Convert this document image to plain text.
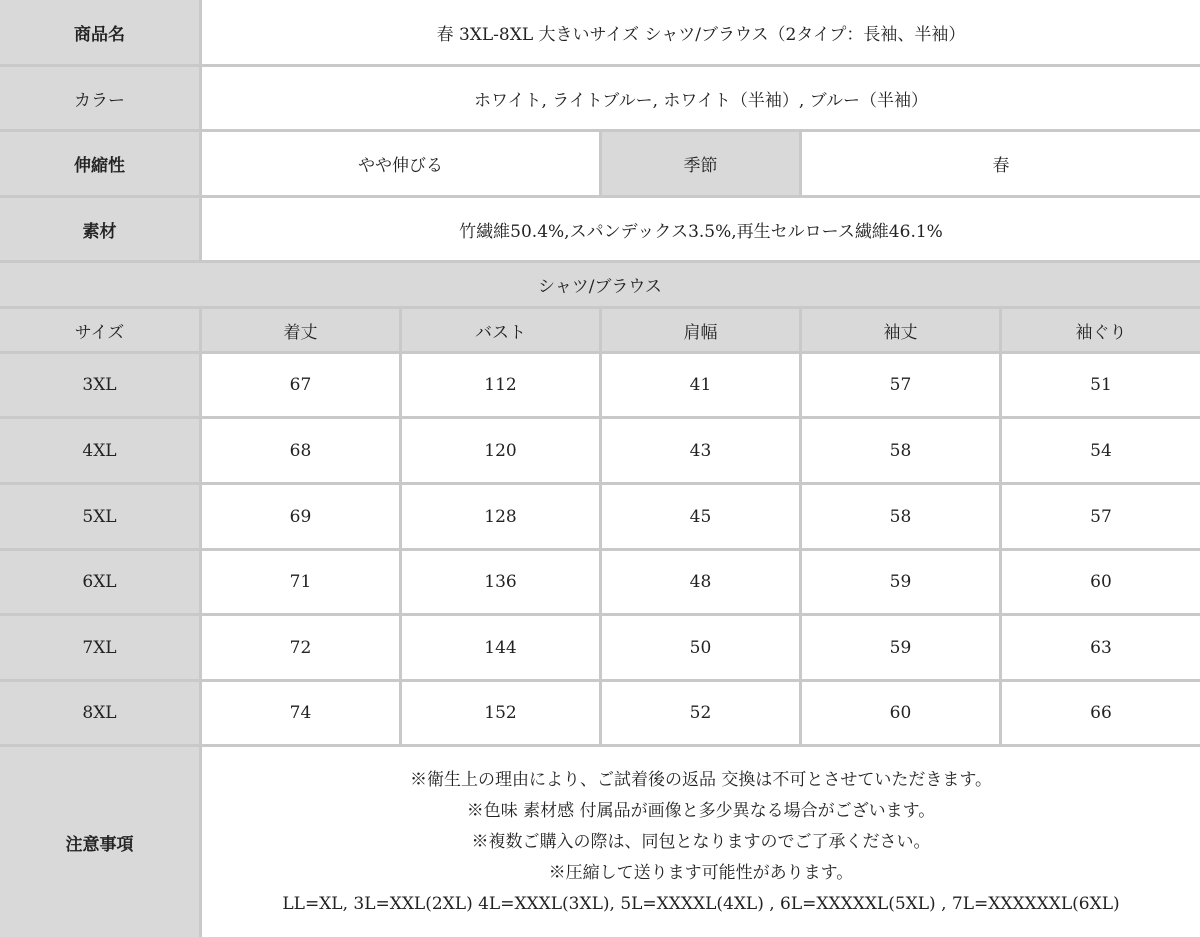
商品名	春 3XL-8XL 大きいサイズ シャツ/ブラウス（2タイプ：長袖、半袖）
カラー	ホワイト, ライトブルー, ホワイト（半袖）, ブルー（半袖）
伸縮性	やや伸びる	季節	春
素材	竹繊維50.4%,スパンデックス3.5%,再生セルロース繊維46.1%
シャツ/ブラウス
サイズ	着丈	バスト	肩幅	袖丈	袖ぐり
3XL	67	112	41	57	51
4XL	68	120	43	58	54
5XL	69	128	45	58	57
6XL	71	136	48	59	60
7XL	72	144	50	59	63
8XL	74	152	52	60	66
注意事項
※衛生上の理由により、ご試着後の返品 交換は不可とさせていただきます。
※色味 素材感 付属品が画像と多少異なる場合がございます。
※複数ご購入の際は、同包となりますのでご了承ください。
※圧縮して送ります可能性があります。
LL=XL, 3L=XXL(2XL) 4L=XXXL(3XL), 5L=XXXXL(4XL) , 6L=XXXXXL(5XL) , 7L=XXXXXXL(6XL)
